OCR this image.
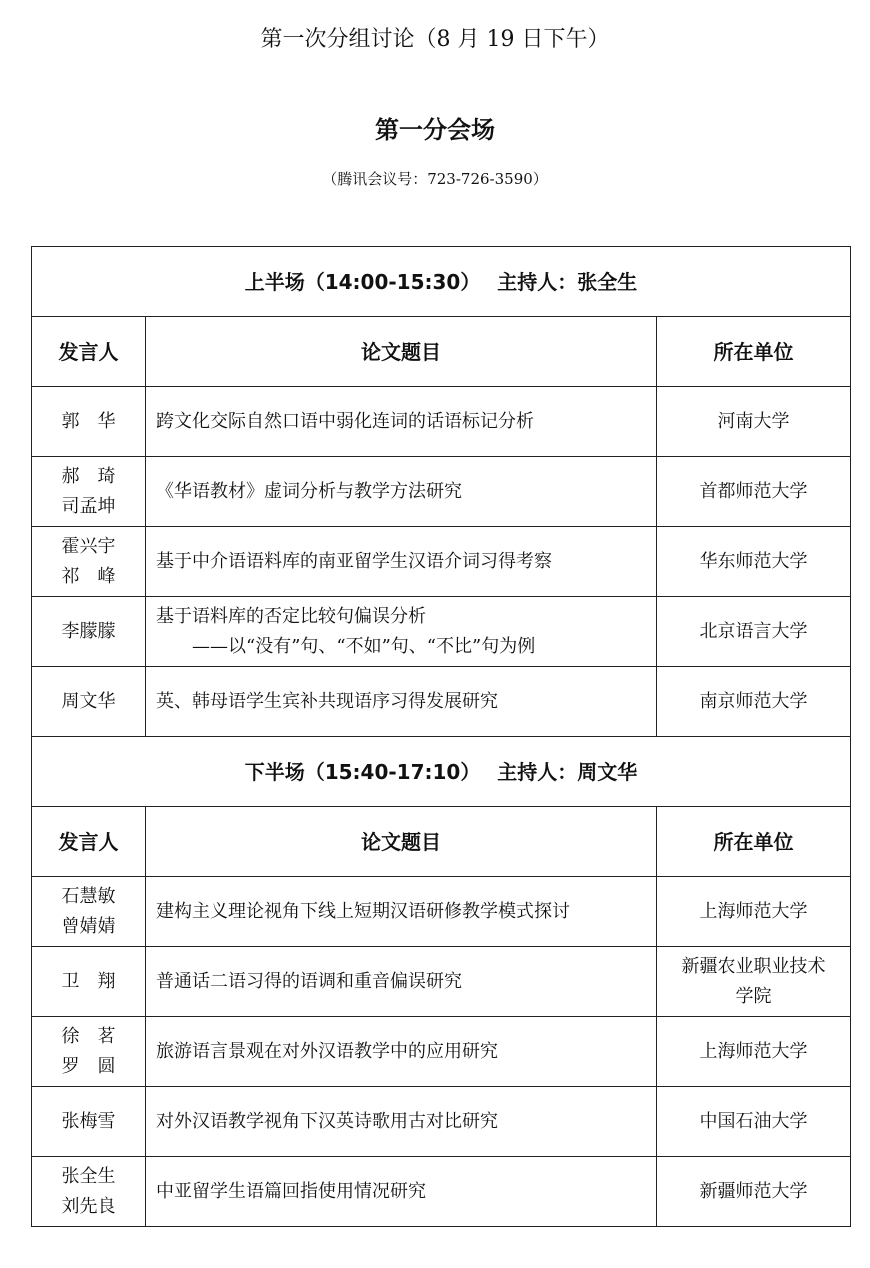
第一次分组讨论（8 月 19 日下午）
第一分会场
（腾讯会议号：723-726-3590）
上半场（14:00-15:30）　 主持人：张全生		
发言人	论文题目	所在单位
郭　华	跨文化交际自然口语中弱化连词的话语标记分析	河南大学
郝　琦
司孟坤	《华语教材》虚词分析与教学方法研究	首都师范大学
霍兴宇
祁　峰	基于中介语语料库的南亚留学生汉语介词习得考察	华东师范大学
李朦朦	基于语料库的否定比较句偏误分析
　　——以“没有”句、“不如”句、“不比”句为例	北京语言大学
周文华	英、韩母语学生宾补共现语序习得发展研究	南京师范大学
下半场（15:40-17:10）　 主持人：周文华		
发言人	论文题目	所在单位
石慧敏
曾婧婧	建构主义理论视角下线上短期汉语研修教学模式探讨	上海师范大学
卫　翔	普通话二语习得的语调和重音偏误研究	新疆农业职业技术
学院
徐　茗
罗　圆	旅游语言景观在对外汉语教学中的应用研究	上海师范大学
张梅雪	对外汉语教学视角下汉英诗歌用古对比研究	中国石油大学
张全生
刘先良	中亚留学生语篇回指使用情况研究	新疆师范大学
